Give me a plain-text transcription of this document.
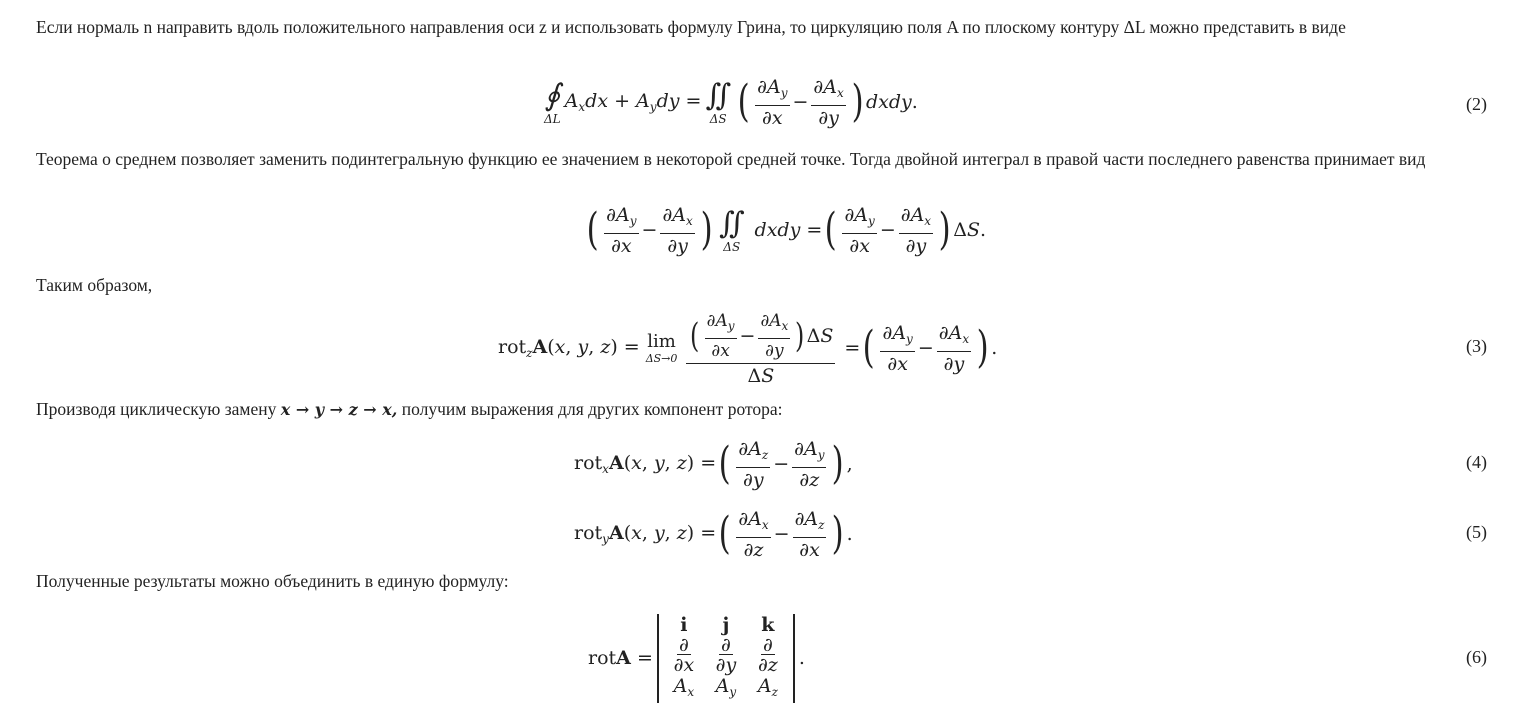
Если нормаль n направить вдоль положительного направления оси z и использовать формулу Грина, то циркуляцию поля A по плоскому контуру ΔL можно представить в виде

∮
ΔL
$A_xdx + A_ydy$ = ∬
ΔS ( $\frac{\partial A_y}{\partial x} - \frac{\partial A_x}{\partial y}$ ) dxdy.	(2)

Теорема о среднем позволяет заменить подинтегральную функцию ее значением в некоторой средней точке. Тогда двойной интеграл в правой части последнего равенства принимает вид

( $\frac{\partial A_y}{\partial x} - \frac{\partial A_x}{\partial y}$ ) ∬
ΔS
dxdy = ( $\frac{\partial A_y}{\partial x} - \frac{\partial A_x}{\partial y}$ ) ΔS.

Таким образом,

rot$_z$A(x, y, z) = lim
$\Delta S\to 0 \frac{( \frac{\partial A_y}{\partial x} - \frac{\partial A_x}{\partial y} ) \Delta S}{\Delta S}$ = ( $\frac{\partial A_y}{\partial x} - \frac{\partial A_x}{\partial y}$ ) .	(3)

Производя циклическую замену x → y → z → x, получим выражения для других компонент ротора:

rot$_x$A(x, y, z) = ( $\frac{\partial A_z}{\partial y} - \frac{\partial A_y}{\partial z}$ ) ,	(4)
rot$_y$A(x, y, z) = ( $\frac{\partial A_x}{\partial z} - \frac{\partial A_z}{\partial x}$ ) .	(5)

Полученные результаты можно объединить в единую формулу:

rotA =
i j k
$\frac{\partial}{\partial x} \frac{\partial}{\partial y} \frac{\partial}{\partial z}$
$A_x$ $A_y$ $A_z$
.	(6)
